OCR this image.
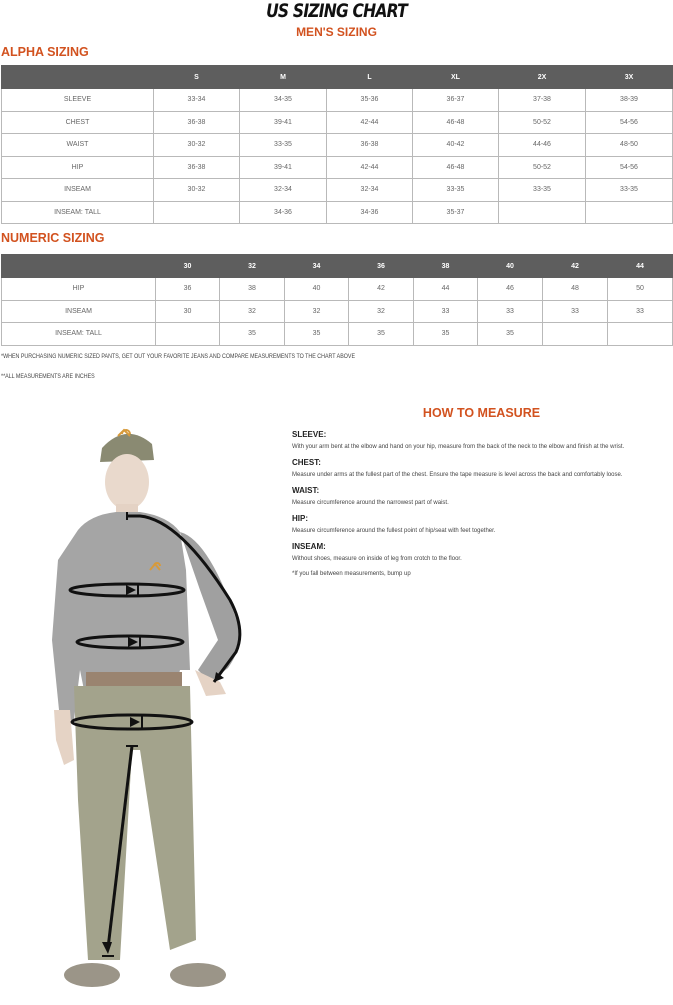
US SIZING CHART
MEN'S SIZING
ALPHA SIZING
	S	M	L	XL	2X	3X
SLEEVE	33-34	34-35	35-36	36-37	37-38	38-39
CHEST	36-38	39-41	42-44	46-48	50-52	54-56
WAIST	30-32	33-35	36-38	40-42	44-46	48-50
HIP	36-38	39-41	42-44	46-48	50-52	54-56
INSEAM	30-32	32-34	32-34	33-35	33-35	33-35
INSEAM: TALL		34-36	34-36	35-37		
NUMERIC SIZING
	30	32	34	36	38	40	42	44
HIP	36	38	40	42	44	46	48	50
INSEAM	30	32	32	32	33	33	33	33
INSEAM: TALL		35	35	35	35	35		
*WHEN PURCHASING NUMERIC SIZED PANTS, GET OUT YOUR FAVORITE JEANS AND COMPARE MEASUREMENTS TO THE CHART ABOVE
**ALL MEASUREMENTS ARE INCHES
HOW TO MEASURE
SLEEVE:
With your arm bent at the elbow and hand on your hip, measure from the back of the neck to the elbow and finish at the wrist.
CHEST:
Measure under arms at the fullest part of the chest. Ensure the tape measure is level across the back and comfortably loose.
WAIST:
Measure circumference around the narrowest part of waist.
HIP:
Measure circumference around the fullest point of hip/seat with feet together.
INSEAM:
Without shoes, measure on inside of leg from crotch to the floor.
*If you fall between measurements, bump up
